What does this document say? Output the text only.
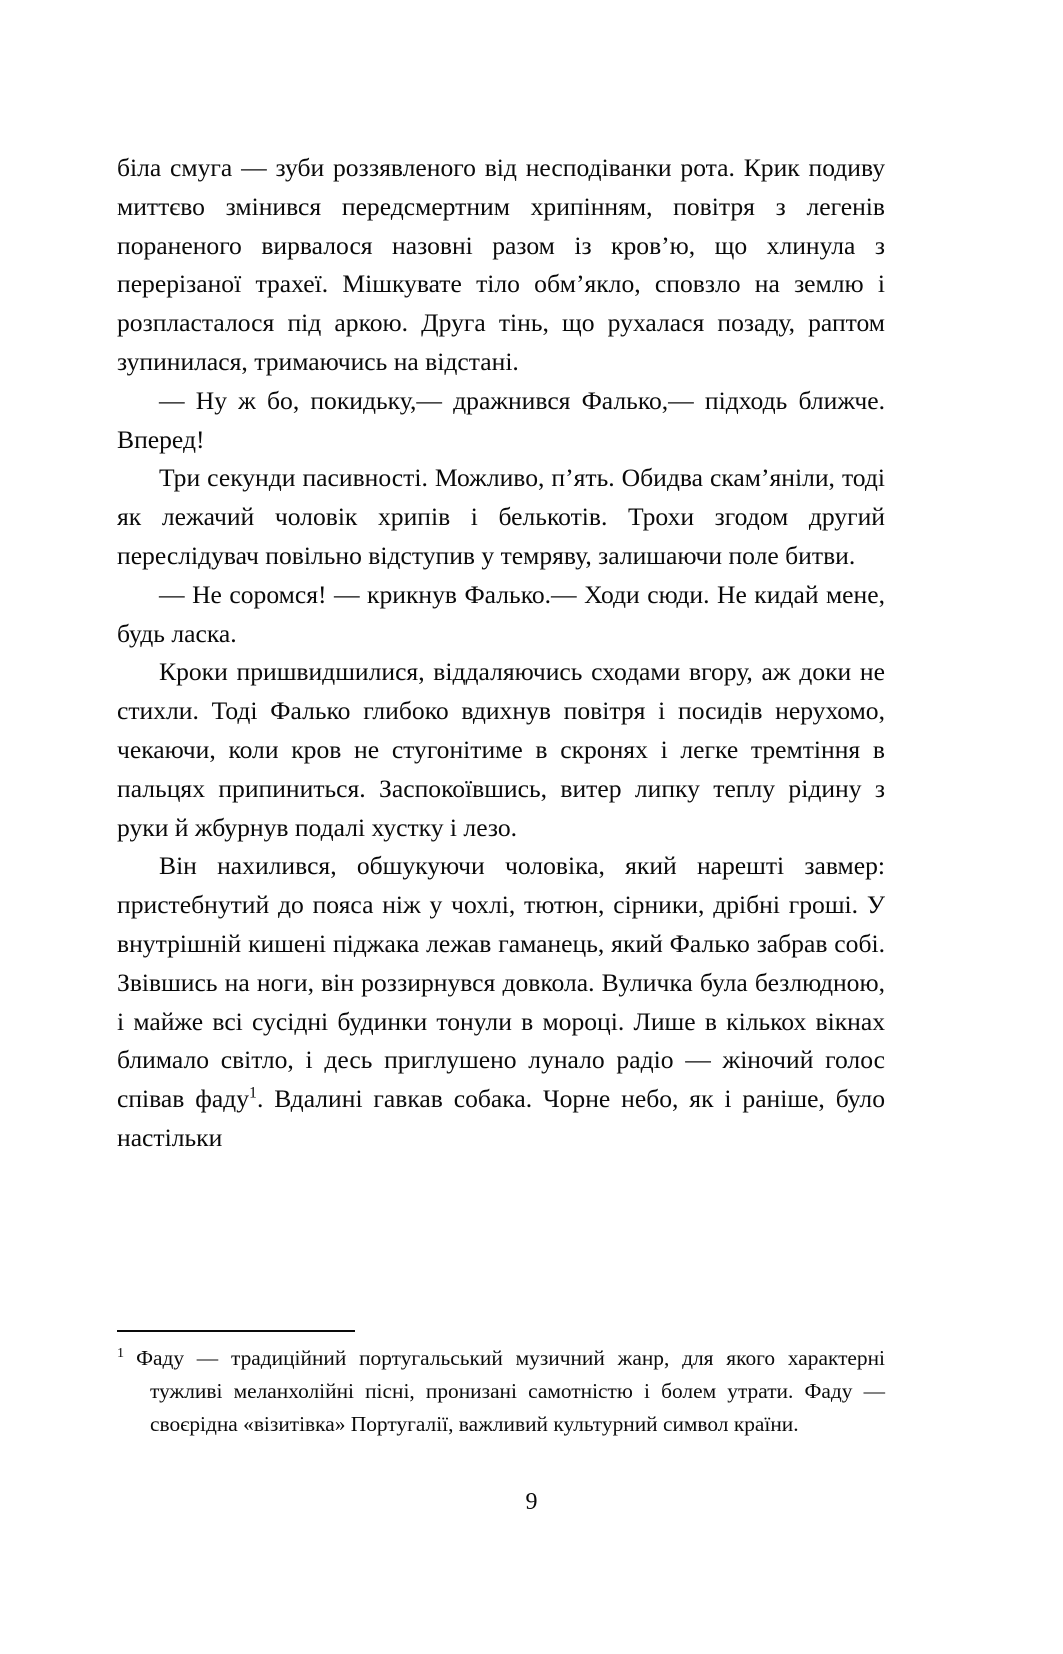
біла смуга — зуби роззявленого від несподіванки рота. Крик подиву миттєво змінився передсмертним хрипінням, повітря з легенів пораненого вирвалося назовні разом із кров’ю, що хлинула з перерізаної трахеї. Мішкувате тіло обм’якло, сповзло на землю і розпласталося під аркою. Друга тінь, що рухалася позаду, раптом зупинилася, тримаючись на відстані.

— Ну ж бо, покидьку,— дражнився Фалько,— підходь ближче. Вперед!

Три секунди пасивності. Можливо, п’ять. Обидва скам’яніли, тоді як лежачий чоловік хрипів і белькотів. Трохи згодом другий переслідувач повільно відступив у темряву, залишаючи поле битви.

— Не соромся! — крикнув Фалько.— Ходи сюди. Не кидай мене, будь ласка.

Кроки пришвидшилися, віддаляючись сходами вгору, аж доки не стихли. Тоді Фалько глибоко вдихнув повітря і посидів нерухомо, чекаючи, коли кров не стугонітиме в скронях і легке тремтіння в пальцях припиниться. Заспокоївшись, витер липку теплу рідину з руки й жбурнув подалі хустку і лезо.

Він нахилився, обшукуючи чоловіка, який нарешті завмер: пристебнутий до пояса ніж у чохлі, тютюн, сірники, дрібні гроші. У внутрішній кишені піджака лежав гаманець, який Фалько забрав собі. Звівшись на ноги, він роззирнувся довкола. Вуличка була безлюдною, і майже всі сусідні будинки тонули в мороці. Лише в кількох вікнах блимало світло, і десь приглушено лунало радіо — жіночий голос співав фаду$^1$. Вдалині гавкав собака. Чорне небо, як і раніше, було настільки

$^1$ Фаду — традиційний португальський музичний жанр, для якого характерні тужливі меланхолійні пісні, пронизані самотністю і болем утрати. Фаду — своєрідна «візитівка» Португалії, важливий культурний символ країни.
9
